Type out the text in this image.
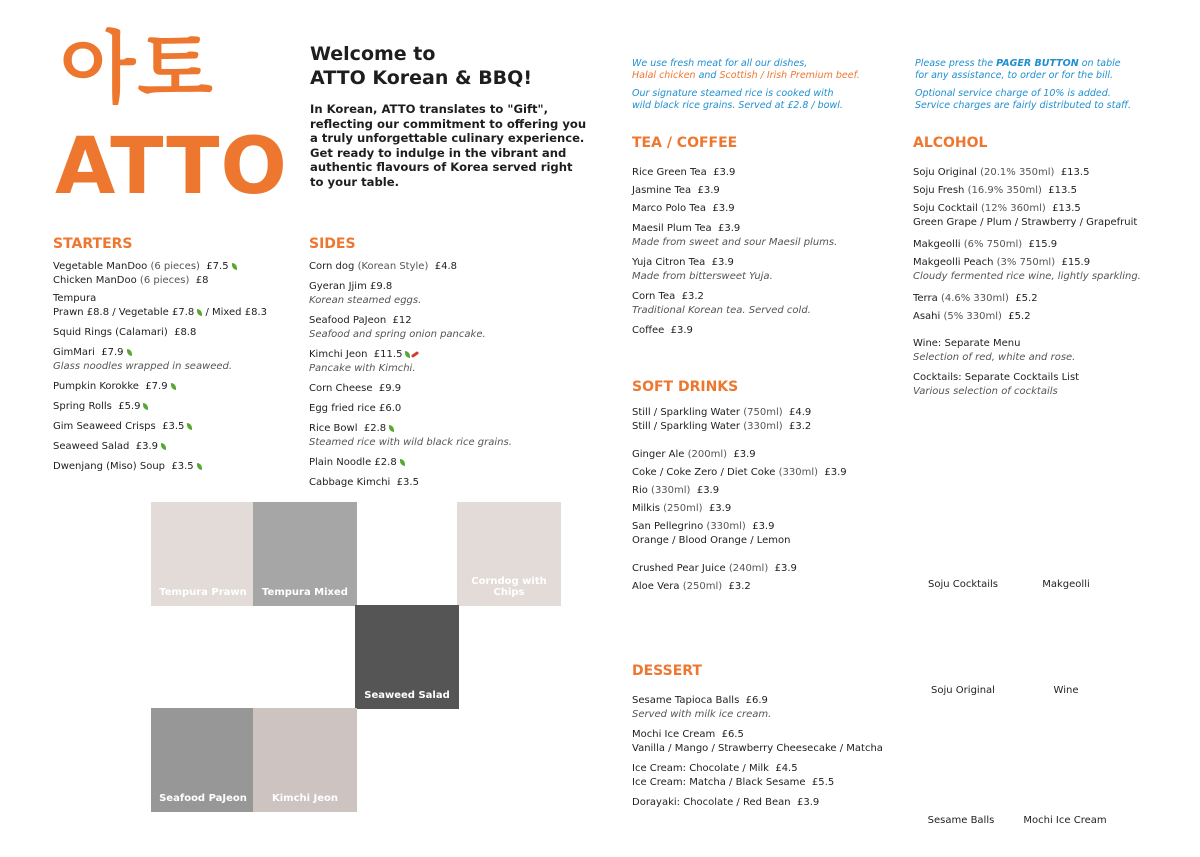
아토
ATTO
Welcome to
ATTO Korean & BBQ!
In Korean, ATTO translates to "Gift", reflecting our commitment to offering you a truly unforgettable culinary experience. Get ready to indulge in the vibrant and authentic flavours of Korea served right to your table.
STARTERS
Vegetable ManDoo (6 pieces) £7.5
Chicken ManDoo (6 pieces) £8
Tempura
Prawn £8.8 / Vegetable £7.8 / Mixed £8.3
Squid Rings (Calamari) £8.8
GimMari £7.9
Glass noodles wrapped in seaweed.
Pumpkin Korokke £7.9
Spring Rolls £5.9
Gim Seaweed Crisps £3.5
Seaweed Salad £3.9
Dwenjang (Miso) Soup £3.5
SIDES
Corn dog (Korean Style) £4.8
Gyeran Jjim £9.8
Korean steamed eggs.
Seafood PaJeon £12
Seafood and spring onion pancake.
Kimchi Jeon £11.5
Pancake with Kimchi.
Corn Cheese £9.9
Egg fried rice £6.0
Rice Bowl £2.8
Steamed rice with wild black rice grains.
Plain Noodle £2.8
Cabbage Kimchi £3.5
Tempura Prawn	Tempura Mixed
Corndog with Chips
Seaweed Salad
Seafood PaJeon	Kimchi Jeon
We use fresh meat for all our dishes,
Halal chicken and Scottish / Irish Premium beef.
Our signature steamed rice is cooked with
wild black rice grains. Served at £2.8 / bowl.
Please press the PAGER BUTTON on table
for any assistance, to order or for the bill.
Optional service charge of 10% is added.
Service charges are fairly distributed to staff.
TEA / COFFEE
Rice Green Tea £3.9
Jasmine Tea £3.9
Marco Polo Tea £3.9
Maesil Plum Tea £3.9
Made from sweet and sour Maesil plums.
Yuja Citron Tea £3.9
Made from bittersweet Yuja.
Corn Tea £3.2
Traditional Korean tea. Served cold.
Coffee £3.9
SOFT DRINKS
Still / Sparkling Water (750ml) £4.9
Still / Sparkling Water (330ml) £3.2
Ginger Ale (200ml) £3.9
Coke / Coke Zero / Diet Coke (330ml) £3.9
Rio (330ml) £3.9
Milkis (250ml) £3.9
San Pellegrino (330ml) £3.9
Orange / Blood Orange / Lemon
Crushed Pear Juice (240ml) £3.9
Aloe Vera (250ml) £3.2
DESSERT
Sesame Tapioca Balls £6.9
Served with milk ice cream.
Mochi Ice Cream £6.5
Vanilla / Mango / Strawberry Cheesecake / Matcha
Ice Cream: Chocolate / Milk £4.5
Ice Cream: Matcha / Black Sesame £5.5
Dorayaki: Chocolate / Red Bean £3.9
ALCOHOL
Soju Original (20.1% 350ml) £13.5
Soju Fresh (16.9% 350ml) £13.5
Soju Cocktail (12% 360ml) £13.5
Green Grape / Plum / Strawberry / Grapefruit
Makgeolli (6% 750ml) £15.9
Makgeolli Peach (3% 750ml) £15.9
Cloudy fermented rice wine, lightly sparkling.
Terra (4.6% 330ml) £5.2
Asahi (5% 330ml) £5.2
Wine: Separate Menu
Selection of red, white and rose.
Cocktails: Separate Cocktails List
Various selection of cocktails
Soju Cocktails	Makgeolli
Soju Original	Wine
Sesame Balls	Mochi Ice Cream
